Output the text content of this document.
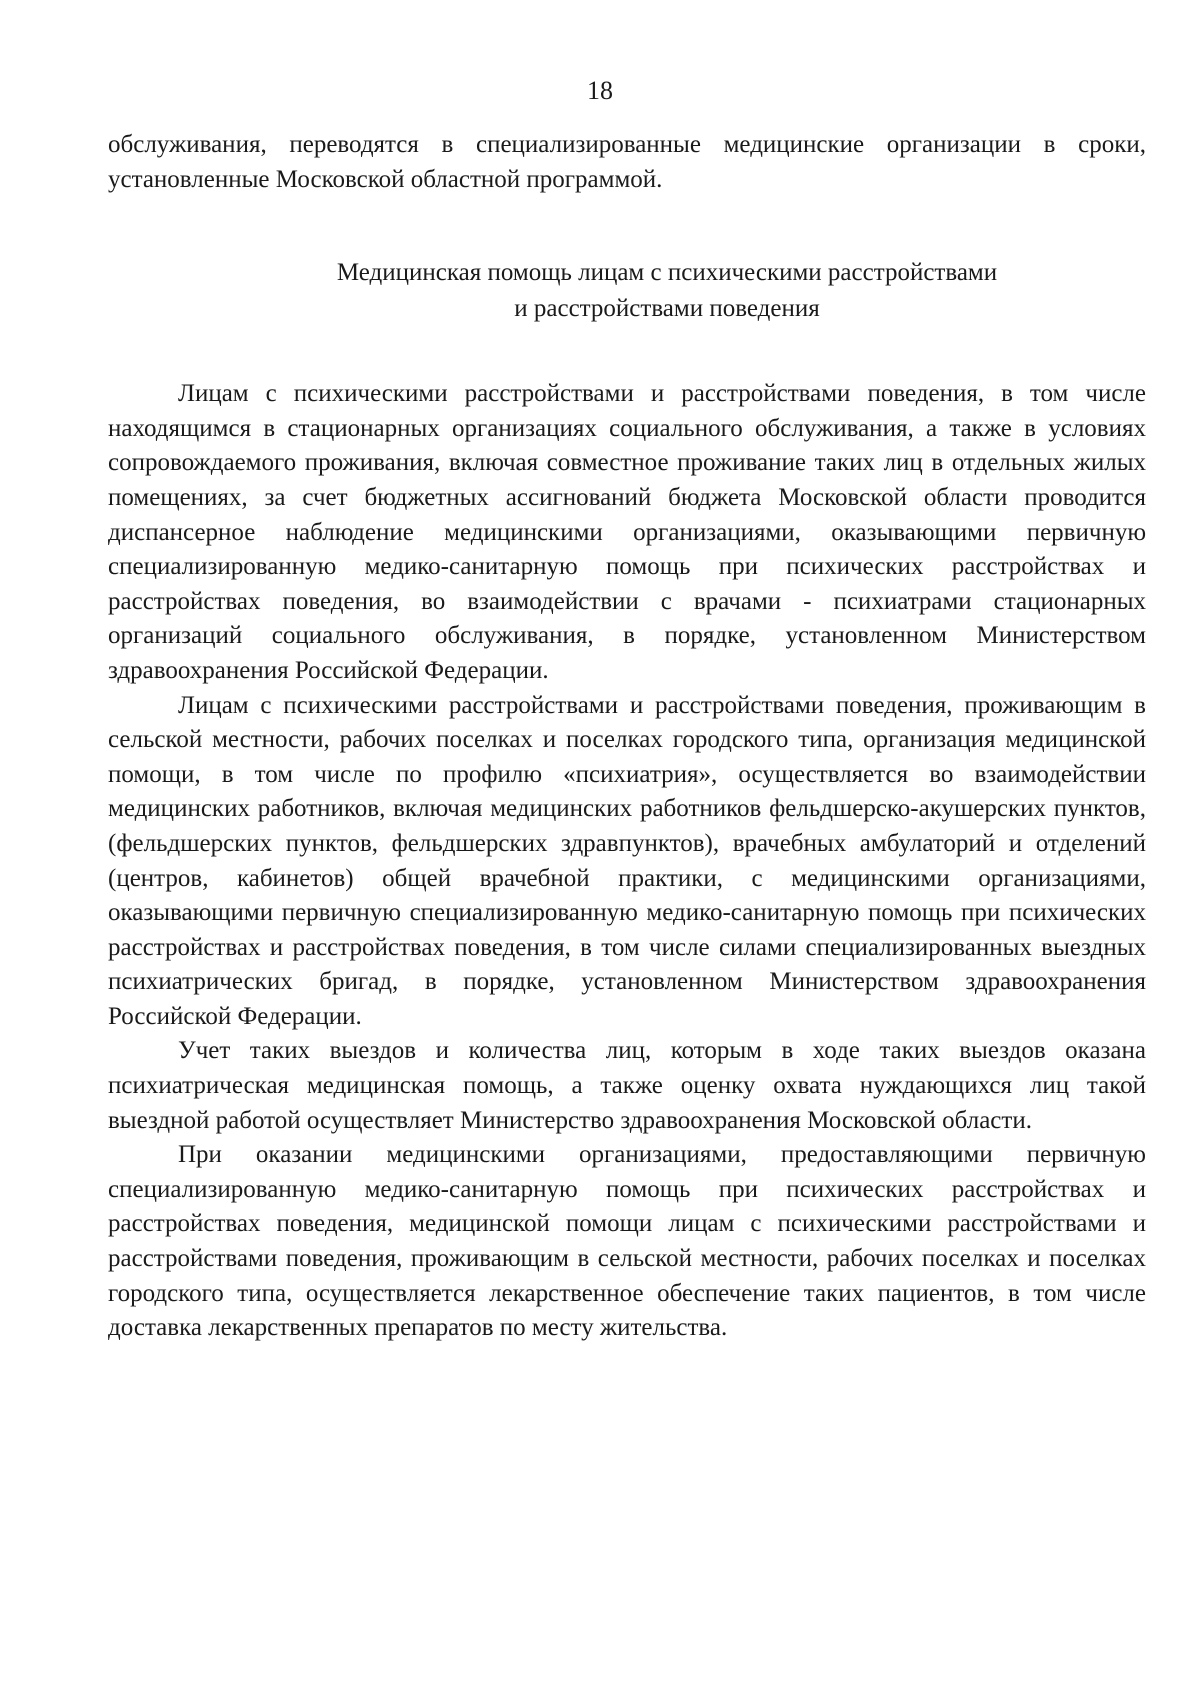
18

обслуживания, переводятся в специализированные медицинские организации в сроки, установленные Московской областной программой.

Медицинская помощь лицам с психическими расстройствами
и расстройствами поведения

Лицам с психическими расстройствами и расстройствами поведения, в том числе находящимся в стационарных организациях социального обслуживания, а также в условиях сопровождаемого проживания, включая совместное проживание таких лиц в отдельных жилых помещениях, за счет бюджетных ассигнований бюджета Московской области проводится диспансерное наблюдение медицинскими организациями, оказывающими первичную специализированную медико-санитарную помощь при психических расстройствах и расстройствах поведения, во взаимодействии с врачами - психиатрами стационарных организаций социального обслуживания, в порядке, установленном Министерством здравоохранения Российской Федерации.

Лицам с психическими расстройствами и расстройствами поведения, проживающим в сельской местности, рабочих поселках и поселках городского типа, организация медицинской помощи, в том числе по профилю «психиатрия», осуществляется во взаимодействии медицинских работников, включая медицинских работников фельдшерско-акушерских пунктов, (фельдшерских пунктов, фельдшерских здравпунктов), врачебных амбулаторий и отделений (центров, кабинетов) общей врачебной практики, с медицинскими организациями, оказывающими первичную специализированную медико-санитарную помощь при психических расстройствах и расстройствах поведения, в том числе силами специализированных выездных психиатрических бригад, в порядке, установленном Министерством здравоохранения Российской Федерации.

Учет таких выездов и количества лиц, которым в ходе таких выездов оказана психиатрическая медицинская помощь, а также оценку охвата нуждающихся лиц такой выездной работой осуществляет Министерство здравоохранения Московской области.

При оказании медицинскими организациями, предоставляющими первичную специализированную медико-санитарную помощь при психических расстройствах и расстройствах поведения, медицинской помощи лицам с психическими расстройствами и расстройствами поведения, проживающим в сельской местности, рабочих поселках и поселках городского типа, осуществляется лекарственное обеспечение таких пациентов, в том числе доставка лекарственных препаратов по месту жительства.
